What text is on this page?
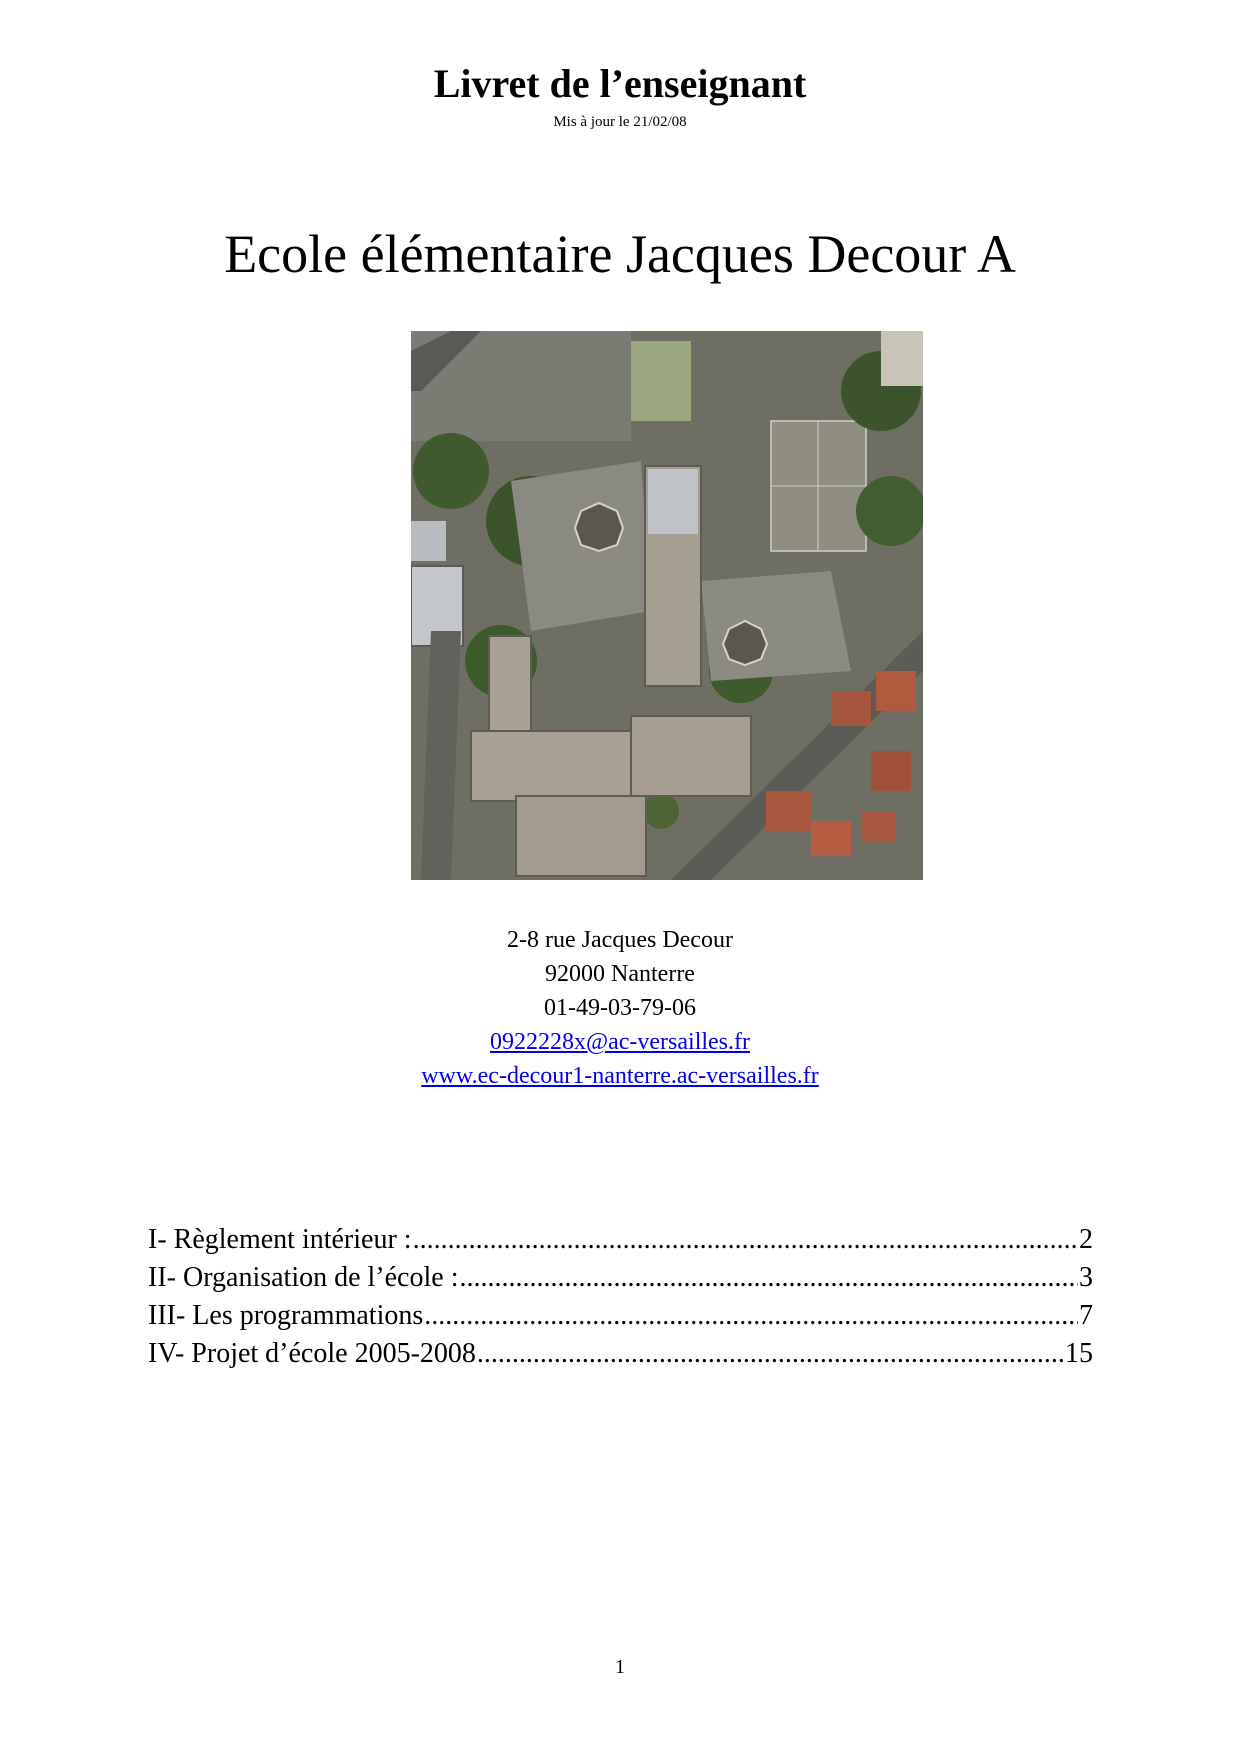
Livret de l’enseignant
Mis à jour le 21/02/08
Ecole élémentaire Jacques Decour A
2-8 rue Jacques Decour
92000 Nanterre
01-49-03-79-06
0922228x@ac-versailles.fr
www.ec-decour1-nanterre.ac-versailles.fr
I- Règlement intérieur : .....	2
II- Organisation de l’école : .....	3
III- Les programmations .....	7
IV- Projet d’école 2005-2008 .....	15
1
